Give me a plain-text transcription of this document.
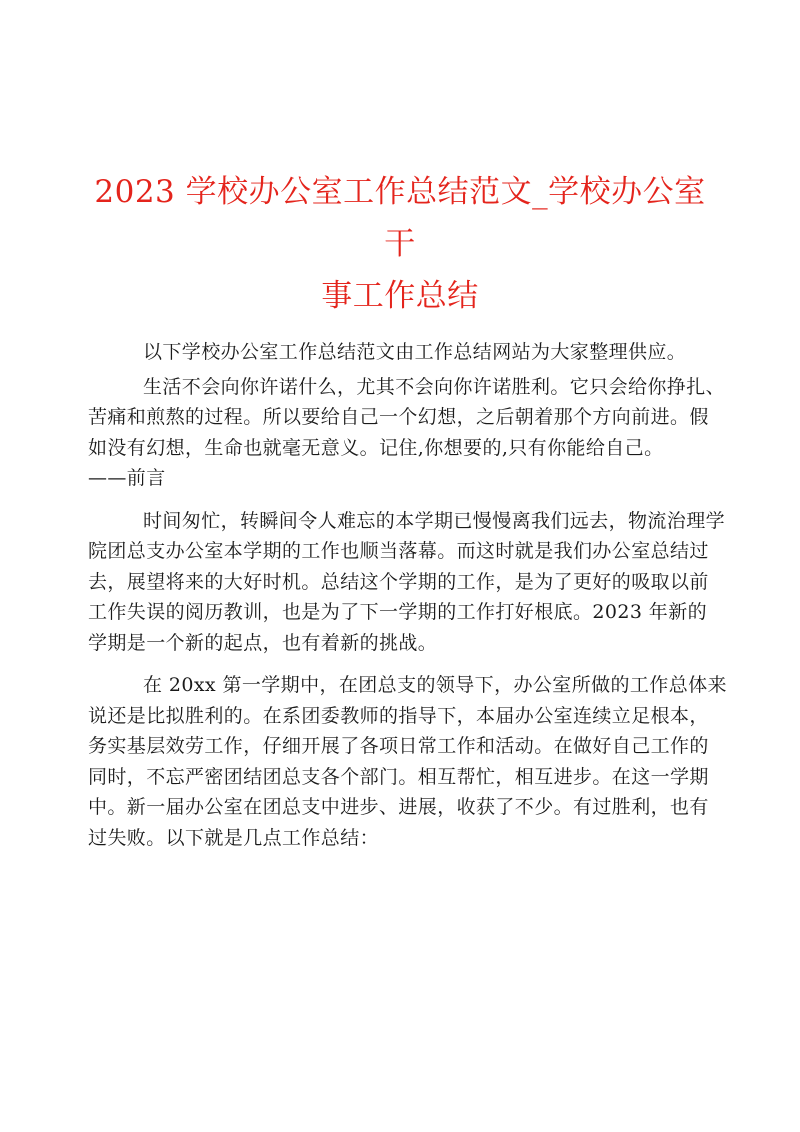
2023 学校办公室工作总结范文_学校办公室干
事工作总结
以下学校办公室工作总结范文由工作总结网站为大家整理供应。
生活不会向你许诺什么，尤其不会向你许诺胜利。它只会给你挣扎、
苦痛和煎熬的过程。所以要给自己一个幻想，之后朝着那个方向前进。假
如没有幻想，生命也就毫无意义。记住,你想要的,只有你能给自己。
——前言
时间匆忙，转瞬间令人难忘的本学期已慢慢离我们远去，物流治理学
院团总支办公室本学期的工作也顺当落幕。而这时就是我们办公室总结过
去，展望将来的大好时机。总结这个学期的工作，是为了更好的吸取以前
工作失误的阅历教训，也是为了下一学期的工作打好根底。2023 年新的
学期是一个新的起点，也有着新的挑战。
在 20xx 第一学期中，在团总支的领导下，办公室所做的工作总体来
说还是比拟胜利的。在系团委教师的指导下，本届办公室连续立足根本，
务实基层效劳工作，仔细开展了各项日常工作和活动。在做好自己工作的
同时，不忘严密团结团总支各个部门。相互帮忙，相互进步。在这一学期
中。新一届办公室在团总支中进步、进展，收获了不少。有过胜利，也有
过失败。以下就是几点工作总结：
